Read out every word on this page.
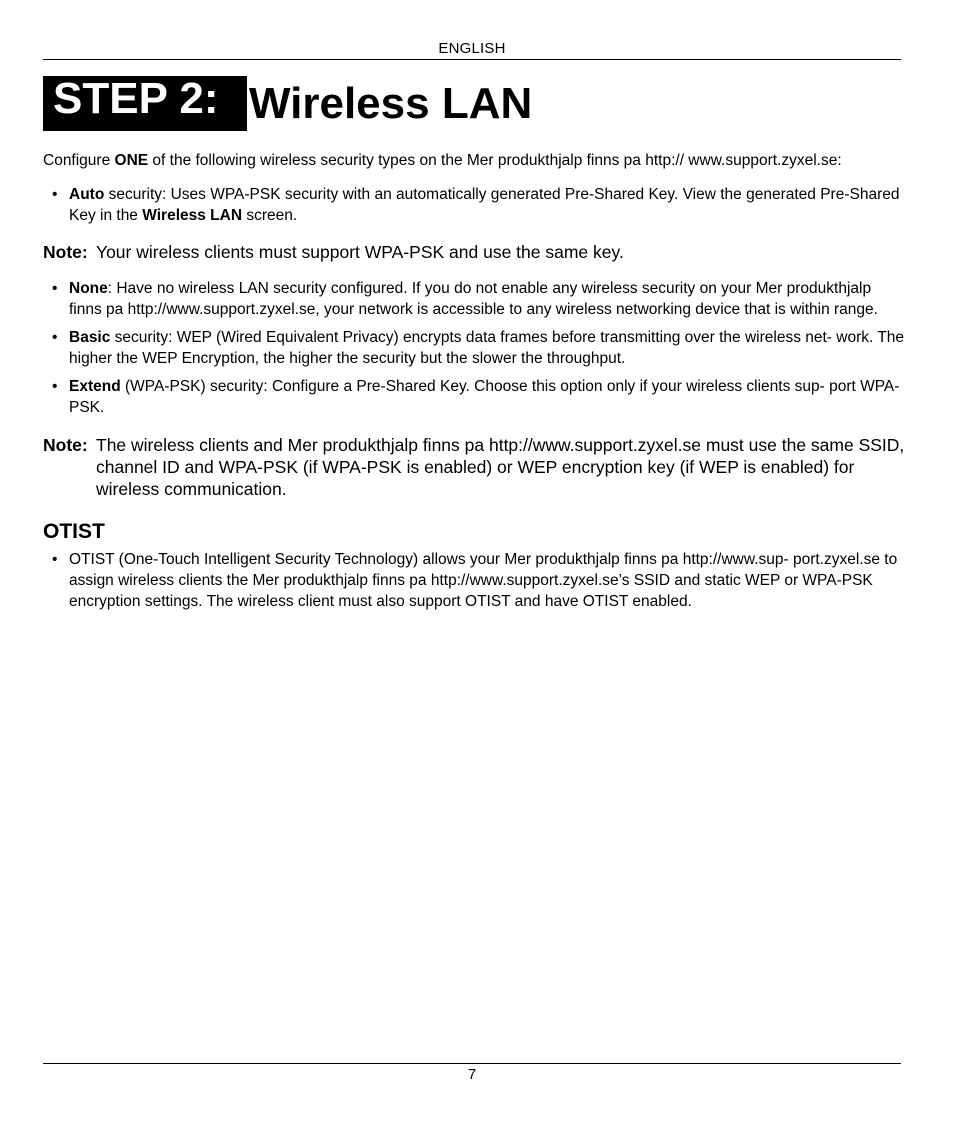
ENGLISH
STEP 2: Wireless LAN

Configure ONE of the following wireless security types on the Mer produkthjalp finns pa http:// www.support.zyxel.se:

• Auto security: Uses WPA-PSK security with an automatically generated Pre-Shared Key. View the generated Pre-Shared Key in the Wireless LAN screen.

Note: Your wireless clients must support WPA-PSK and use the same key.

• None: Have no wireless LAN security configured. If you do not enable any wireless security on your Mer produkthjalp finns pa http://www.support.zyxel.se, your network is accessible to any wireless networking device that is within range.
• Basic security: WEP (Wired Equivalent Privacy) encrypts data frames before transmitting over the wireless net- work. The higher the WEP Encryption, the higher the security but the slower the throughput.
• Extend (WPA-PSK) security: Configure a Pre-Shared Key. Choose this option only if your wireless clients sup- port WPA-PSK.

Note: The wireless clients and Mer produkthjalp finns pa http://www.support.zyxel.se must use the same SSID, channel ID and WPA-PSK (if WPA-PSK is enabled) or WEP encryption key (if WEP is enabled) for wireless communication.

OTIST
• OTIST (One-Touch Intelligent Security Technology) allows your Mer produkthjalp finns pa http://www.sup- port.zyxel.se to assign wireless clients the Mer produkthjalp finns pa http://www.support.zyxel.se’s SSID and static WEP or WPA-PSK encryption settings. The wireless client must also support OTIST and have OTIST enabled.
7
